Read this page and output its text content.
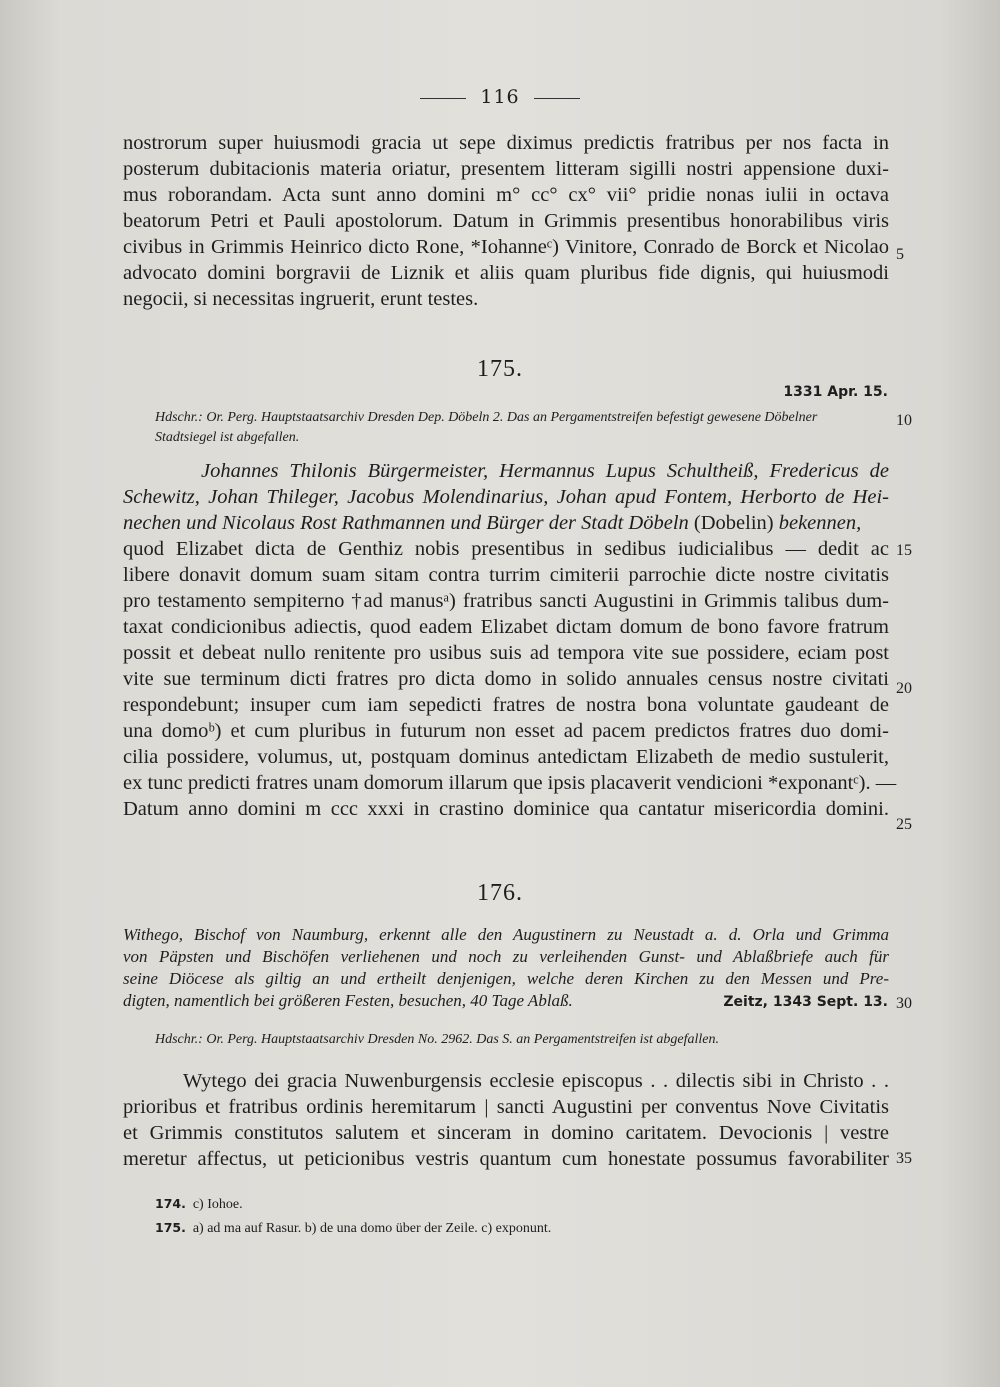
116
nostrorum super huiusmodi gracia ut sepe diximus predictis fratribus per nos facta in
posterum dubitacionis materia oriatur, presentem litteram sigilli nostri appensione duxi-
mus roborandam. Acta sunt anno domini m° cc° cx° vii° pridie nonas iulii in octava
beatorum Petri et Pauli apostolorum. Datum in Grimmis presentibus honorabilibus viris
civibus in Grimmis Heinrico dicto Rone, *Iohanneᶜ) Vinitore, Conrado de Borck et Nicolao
advocato domini borgravii de Liznik et aliis quam pluribus fide dignis, qui huiusmodi
negocii, si necessitas ingruerit, erunt testes.
5
175.
1331 Apr. 15.
Hdschr.: Or. Perg. Hauptstaatsarchiv Dresden Dep. Döbeln 2. Das an Pergamentstreifen befestigt gewesene Döbelner
Stadtsiegel ist abgefallen.
10
Johannes Thilonis Bürgermeister, Hermannus Lupus Schultheiß, Fredericus de
Schewitz, Johan Thileger, Jacobus Molendinarius, Johan apud Fontem, Herborto de Hei-
nechen und Nicolaus Rost Rathmannen und Bürger der Stadt Döbeln (Dobelin) bekennen,
quod Elizabet dicta de Genthiz nobis presentibus in sedibus iudicialibus — dedit ac
libere donavit domum suam sitam contra turrim cimiterii parrochie dicte nostre civitatis
pro testamento sempiterno †ad manusᵃ) fratribus sancti Augustini in Grimmis talibus dum-
taxat condicionibus adiectis, quod eadem Elizabet dictam domum de bono favore fratrum
possit et debeat nullo renitente pro usibus suis ad tempora vite sue possidere, eciam post
vite sue terminum dicti fratres pro dicta domo in solido annuales census nostre civitati
respondebunt; insuper cum iam sepedicti fratres de nostra bona voluntate gaudeant de
una domoᵇ) et cum pluribus in futurum non esset ad pacem predictos fratres duo domi-
cilia possidere, volumus, ut, postquam dominus antedictam Elizabeth de medio sustulerit,
ex tunc predicti fratres unam domorum illarum que ipsis placaverit vendicioni *exponantᶜ). —
Datum anno domini m ccc xxxi in crastino dominice qua cantatur misericordia domini.
15
20
25
176.
Withego, Bischof von Naumburg, erkennt alle den Augustinern zu Neustadt a. d. Orla und Grimma
von Päpsten und Bischöfen verliehenen und noch zu verleihenden Gunst- und Ablaßbriefe auch für
seine Diöcese als giltig an und ertheilt denjenigen, welche deren Kirchen zu den Messen und Pre-
digten, namentlich bei größeren Festen, besuchen, 40 Tage Ablaß.	Zeitz, 1343 Sept. 13. 30
Hdschr.: Or. Perg. Hauptstaatsarchiv Dresden No. 2962. Das S. an Pergamentstreifen ist abgefallen.
Wytego dei gracia Nuwenburgensis ecclesie episcopus . . dilectis sibi in Christo . .
prioribus et fratribus ordinis heremitarum | sancti Augustini per conventus Nove Civitatis
et Grimmis constitutos salutem et sinceram in domino caritatem. Devocionis | vestre
meretur affectus, ut peticionibus vestris quantum cum honestate possumus favorabiliter 35
174. c) Iohoe.
175. a) ad ma auf Rasur. b) de una domo über der Zeile. c) exponunt.
